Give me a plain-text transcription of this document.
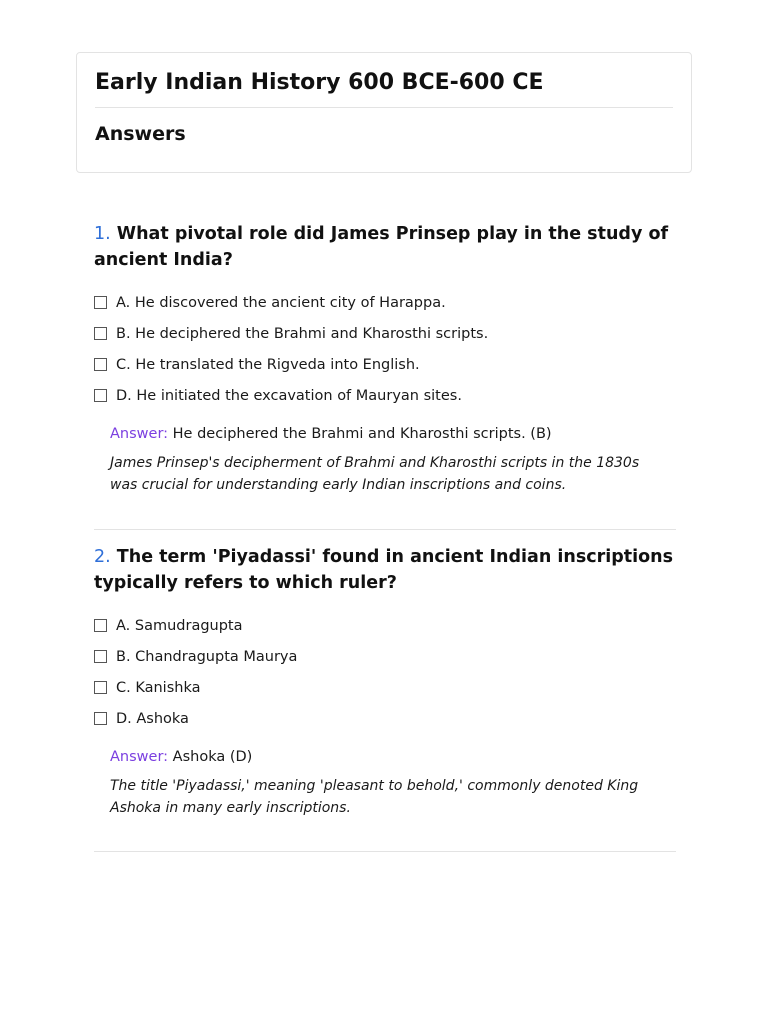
Early Indian History 600 BCE-600 CE
Answers

1. What pivotal role did James Prinsep play in the study of ancient India?

A. He discovered the ancient city of Harappa.
B. He deciphered the Brahmi and Kharosthi scripts.
C. He translated the Rigveda into English.
D. He initiated the excavation of Mauryan sites.
Answer: He deciphered the Brahmi and Kharosthi scripts. (B)
James Prinsep's decipherment of Brahmi and Kharosthi scripts in the 1830s was crucial for understanding early Indian inscriptions and coins.

2. The term 'Piyadassi' found in ancient Indian inscriptions typically refers to which ruler?

A. Samudragupta
B. Chandragupta Maurya
C. Kanishka
D. Ashoka
Answer: Ashoka (D)
The title 'Piyadassi,' meaning 'pleasant to behold,' commonly denoted King Ashoka in many early inscriptions.
